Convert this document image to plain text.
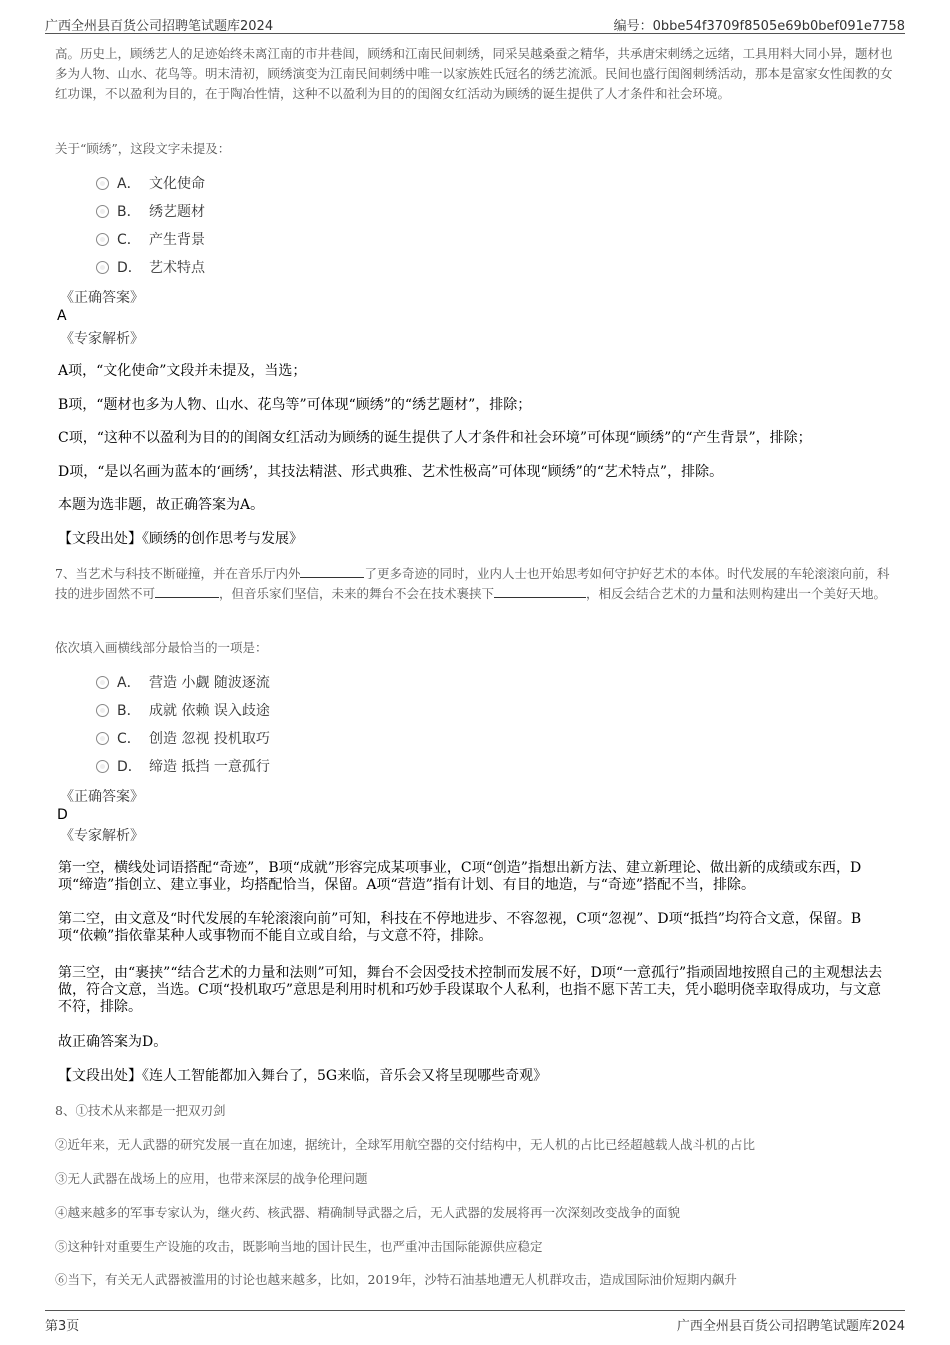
广西全州县百货公司招聘笔试题库2024	编号：0bbe54f3709f8505e69b0bef091e7758
高。历史上，顾绣艺人的足迹始终未离江南的市井巷闾，顾绣和江南民间刺绣，同采吴越桑蚕之精华，共承唐宋刺绣之远绪，工具用料大同小异，题材也多为人物、山水、花鸟等。明末清初，顾绣演变为江南民间刺绣中唯一以家族姓氏冠名的绣艺流派。民间也盛行闺阁刺绣活动，那本是富家女性闺教的女红功课，不以盈利为目的，在于陶冶性情，这种不以盈利为目的的闺阁女红活动为顾绣的诞生提供了人才条件和社会环境。
关于“顾绣”，这段文字未提及：
A． 文化使命
B． 绣艺题材
C． 产生背景
D． 艺术特点
《正确答案》
A
《专家解析》
A项，“文化使命”文段并未提及，当选；
B项，“题材也多为人物、山水、花鸟等”可体现“顾绣”的“绣艺题材”，排除；
C项，“这种不以盈利为目的的闺阁女红活动为顾绣的诞生提供了人才条件和社会环境”可体现“顾绣”的“产生背景”，排除；
D项，“是以名画为蓝本的‘画绣’，其技法精湛、形式典雅、艺术性极高”可体现“顾绣”的“艺术特点”，排除。
本题为选非题，故正确答案为A。
【文段出处】《顾绣的创作思考与发展》
7、当艺术与科技不断碰撞，并在音乐厅内外	了更多奇迹的同时，业内人士也开始思考如何守护好艺术的本体。时代发展的车轮滚滚向前，科技的进步固然不可	，但音乐家们坚信，未来的舞台不会在技术裹挟下	，相反会结合艺术的力量和法则构建出一个美好天地。
依次填入画横线部分最恰当的一项是：
A． 营造 小觑 随波逐流
B． 成就 依赖 误入歧途
C． 创造 忽视 投机取巧
D． 缔造 抵挡 一意孤行
《正确答案》
D
《专家解析》
第一空，横线处词语搭配“奇迹”，B项“成就”形容完成某项事业，C项“创造”指想出新方法、建立新理论、做出新的成绩或东西，D项“缔造”指创立、建立事业，均搭配恰当，保留。A项“营造”指有计划、有目的地造，与“奇迹”搭配不当，排除。
第二空，由文意及“时代发展的车轮滚滚向前”可知，科技在不停地进步、不容忽视，C项“忽视”、D项“抵挡”均符合文意，保留。B项“依赖”指依靠某种人或事物而不能自立或自给，与文意不符，排除。
第三空，由“裹挟”“结合艺术的力量和法则”可知，舞台不会因受技术控制而发展不好，D项“一意孤行”指顽固地按照自己的主观想法去做，符合文意，当选。C项“投机取巧”意思是利用时机和巧妙手段谋取个人私利，也指不愿下苦工夫，凭小聪明侥幸取得成功，与文意不符，排除。
故正确答案为D。
【文段出处】《连人工智能都加入舞台了，5G来临，音乐会又将呈现哪些奇观》
8、①技术从来都是一把双刃剑
②近年来，无人武器的研究发展一直在加速，据统计，全球军用航空器的交付结构中，无人机的占比已经超越载人战斗机的占比
③无人武器在战场上的应用，也带来深层的战争伦理问题
④越来越多的军事专家认为，继火药、核武器、精确制导武器之后，无人武器的发展将再一次深刻改变战争的面貌
⑤这种针对重要生产设施的攻击，既影响当地的国计民生，也严重冲击国际能源供应稳定
⑥当下，有关无人武器被滥用的讨论也越来越多，比如，2019年，沙特石油基地遭无人机群攻击，造成国际油价短期内飙升
第3页	广西全州县百货公司招聘笔试题库2024
